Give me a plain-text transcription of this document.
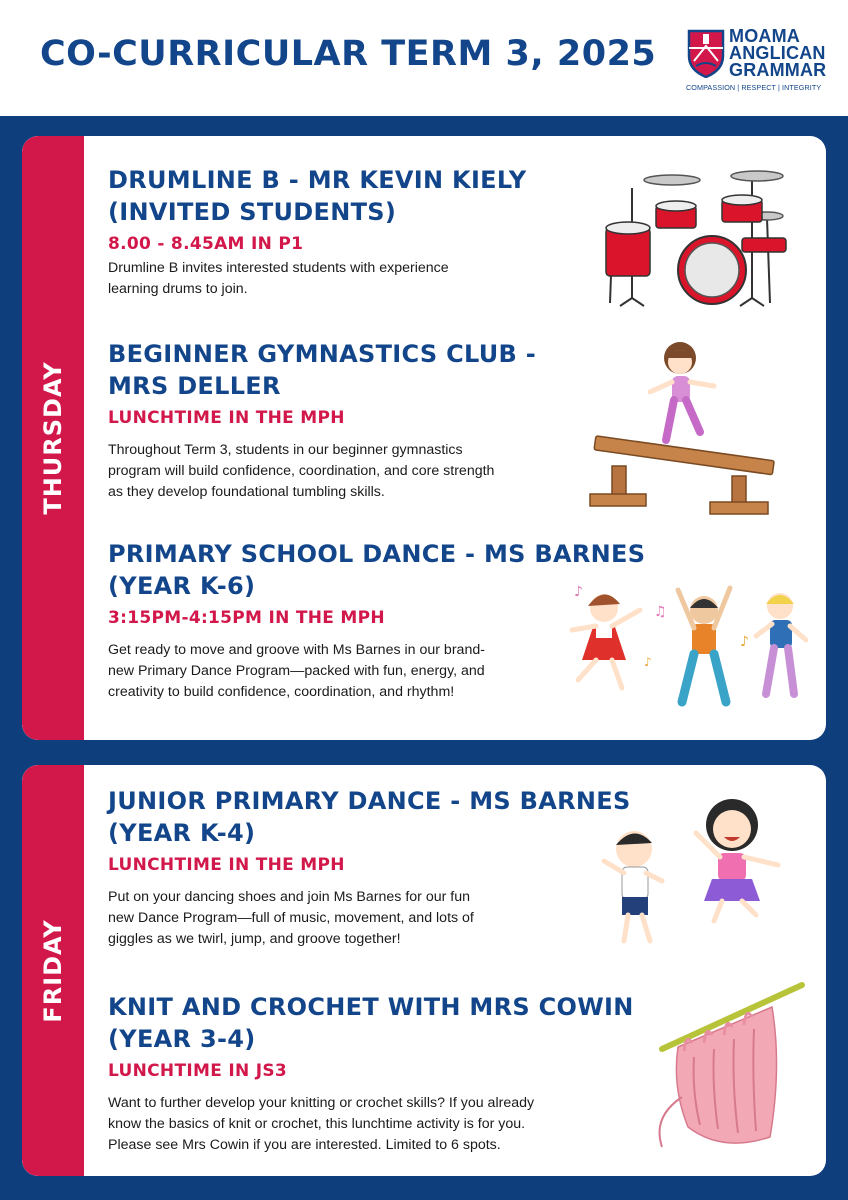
CO-CURRICULAR TERM 3, 2025	MOAMA
ANGLICAN
GRAMMAR
COMPASSION | RESPECT | INTEGRITY
THURSDAY

DRUMLINE B - MR KEVIN KIELY
(INVITED STUDENTS)

8.00 - 8.45AM IN P1

Drumline B invites interested students with experience
learning drums to join.

BEGINNER GYMNASTICS CLUB -
MRS DELLER

LUNCHTIME IN THE MPH

Throughout Term 3, students in our beginner gymnastics
program will build confidence, coordination, and core strength
as they develop foundational tumbling skills.

PRIMARY SCHOOL DANCE - MS BARNES
(YEAR K-6)

3:15PM-4:15PM IN THE MPH

Get ready to move and groove with Ms Barnes in our brand-
new Primary Dance Program—packed with fun, energy, and
creativity to build confidence, coordination, and rhythm!

♪
♫
♪
♪
FRIDAY

JUNIOR PRIMARY DANCE - MS BARNES
(YEAR K-4)

LUNCHTIME IN THE MPH

Put on your dancing shoes and join Ms Barnes for our fun
new Dance Program—full of music, movement, and lots of
giggles as we twirl, jump, and groove together!

KNIT AND CROCHET WITH MRS COWIN
(YEAR 3-4)

LUNCHTIME IN JS3

Want to further develop your knitting or crochet skills? If you already
know the basics of knit or crochet, this lunchtime activity is for you.
Please see Mrs Cowin if you are interested. Limited to 6 spots.
